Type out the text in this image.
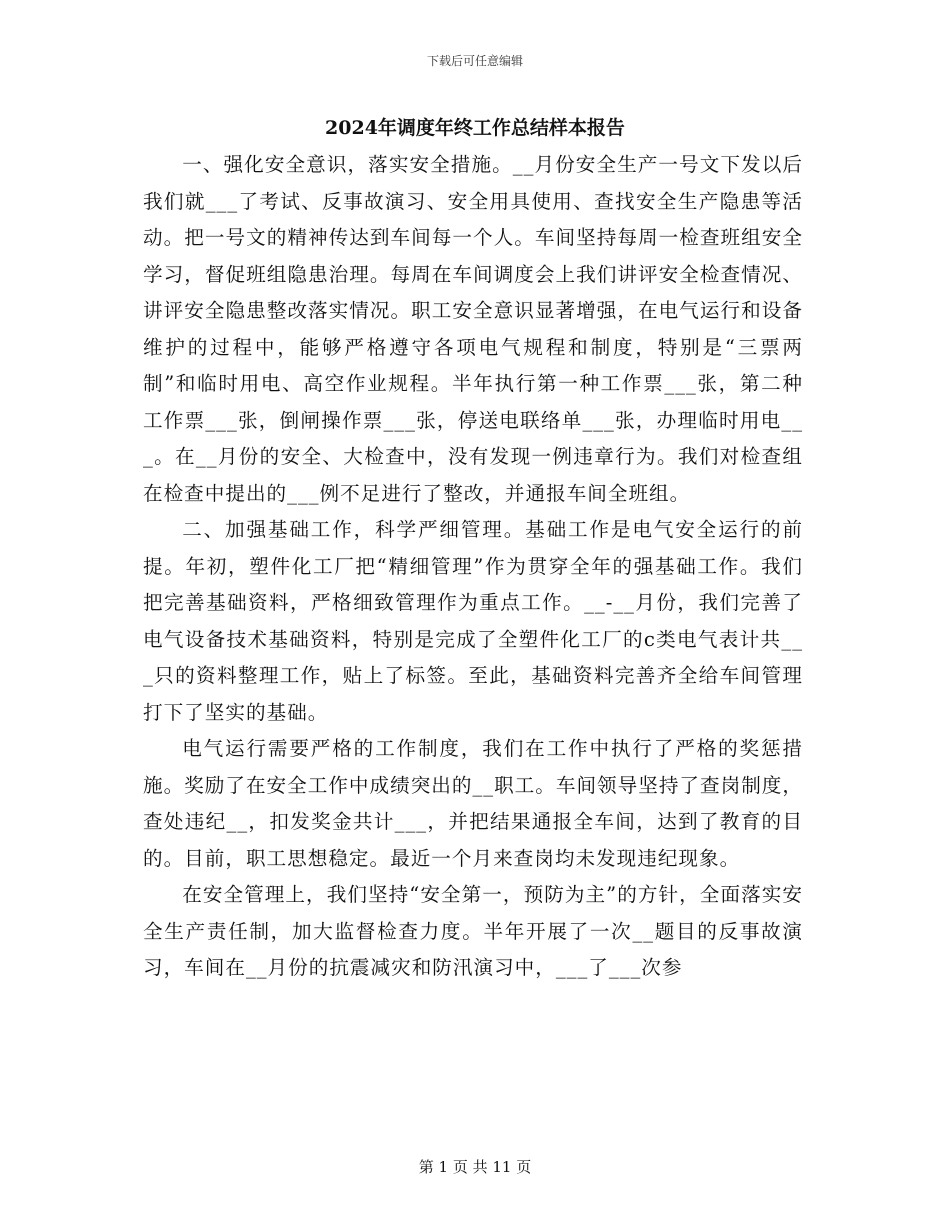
下载后可任意编辑
2024年调度年终工作总结样本报告

一、强化安全意识，落实安全措施。__月份安全生产一号文下发以后我们就___了考试、反事故演习、安全用具使用、查找安全生产隐患等活动。把一号文的精神传达到车间每一个人。车间坚持每周一检查班组安全学习，督促班组隐患治理。每周在车间调度会上我们讲评安全检查情况、讲评安全隐患整改落实情况。职工安全意识显著增强，在电气运行和设备维护的过程中，能够严格遵守各项电气规程和制度，特别是“三票两制”和临时用电、高空作业规程。半年执行第一种工作票___张，第二种工作票___张，倒闸操作票___张，停送电联络单___张，办理临时用电___。在__月份的安全、大检查中，没有发现一例违章行为。我们对检查组在检查中提出的___例不足进行了整改，并通报车间全班组。

二、加强基础工作，科学严细管理。基础工作是电气安全运行的前提。年初，塑件化工厂把“精细管理”作为贯穿全年的强基础工作。我们把完善基础资料，严格细致管理作为重点工作。__-__月份，我们完善了电气设备技术基础资料，特别是完成了全塑件化工厂的c类电气表计共___只的资料整理工作，贴上了标签。至此，基础资料完善齐全给车间管理打下了坚实的基础。

电气运行需要严格的工作制度，我们在工作中执行了严格的奖惩措施。奖励了在安全工作中成绩突出的__职工。车间领导坚持了查岗制度，查处违纪__，扣发奖金共计___，并把结果通报全车间，达到了教育的目的。目前，职工思想稳定。最近一个月来查岗均未发现违纪现象。

在安全管理上，我们坚持“安全第一，预防为主”的方针，全面落实安全生产责任制，加大监督检查力度。半年开展了一次__题目的反事故演习，车间在__月份的抗震减灾和防汛演习中，___了___次参

第 1 页 共 11 页
